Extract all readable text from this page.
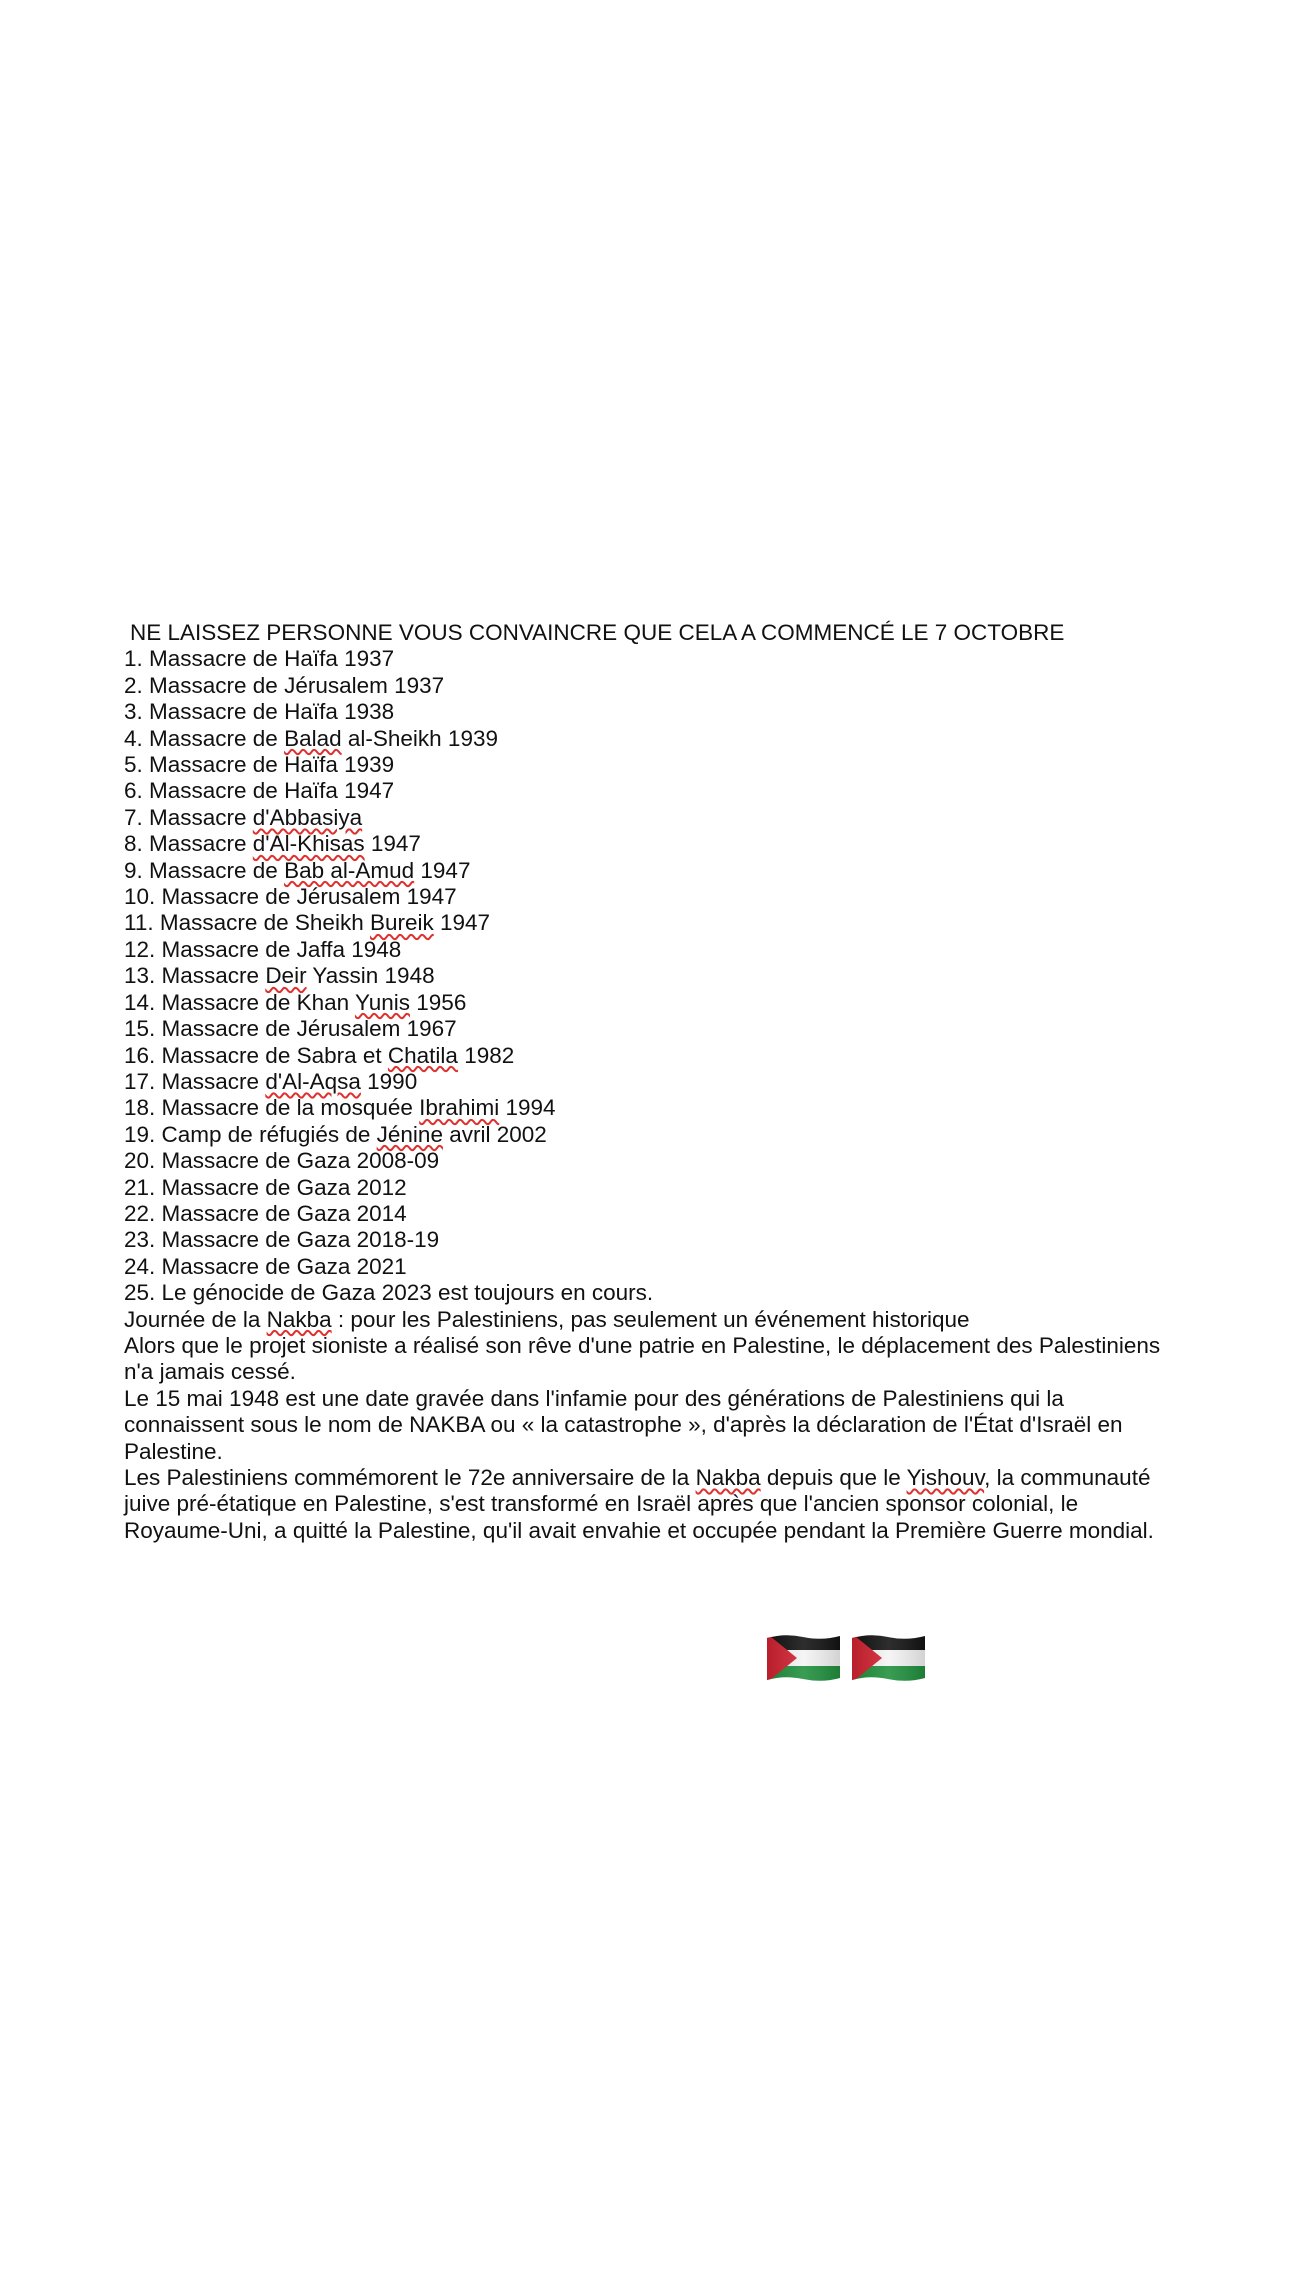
NE LAISSEZ PERSONNE VOUS CONVAINCRE QUE CELA A COMMENCÉ LE 7 OCTOBRE

1. Massacre de Haïfa 1937

2. Massacre de Jérusalem 1937

3. Massacre de Haïfa 1938

4. Massacre de Balad al-Sheikh 1939

5. Massacre de Haïfa 1939

6. Massacre de Haïfa 1947

7. Massacre d'Abbasiya

8. Massacre d'Al-Khisas 1947

9. Massacre de Bab al-Amud 1947

10. Massacre de Jérusalem 1947

11. Massacre de Sheikh Bureik 1947

12. Massacre de Jaffa 1948

13. Massacre Deir Yassin 1948

14. Massacre de Khan Yunis 1956

15. Massacre de Jérusalem 1967

16. Massacre de Sabra et Chatila 1982

17. Massacre d'Al-Aqsa 1990

18. Massacre de la mosquée Ibrahimi 1994

19. Camp de réfugiés de Jénine avril 2002

20. Massacre de Gaza 2008-09

21. Massacre de Gaza 2012

22. Massacre de Gaza 2014

23. Massacre de Gaza 2018-19

24. Massacre de Gaza 2021

25. Le génocide de Gaza 2023 est toujours en cours.

Journée de la Nakba : pour les Palestiniens, pas seulement un événement historique

Alors que le projet sioniste a réalisé son rêve d'une patrie en Palestine, le déplacement des Palestiniens n'a jamais cessé.

Le 15 mai 1948 est une date gravée dans l'infamie pour des générations de Palestiniens qui la connaissent sous le nom de NAKBA ou « la catastrophe », d'après la déclaration de l'État d'Israël en Palestine.

Les Palestiniens commémorent le 72e anniversaire de la Nakba depuis que le Yishouv, la communauté juive pré-étatique en Palestine, s'est transformé en Israël après que l'ancien sponsor colonial, le Royaume-Uni, a quitté la Palestine, qu'il avait envahie et occupée pendant la Première Guerre mondial.
